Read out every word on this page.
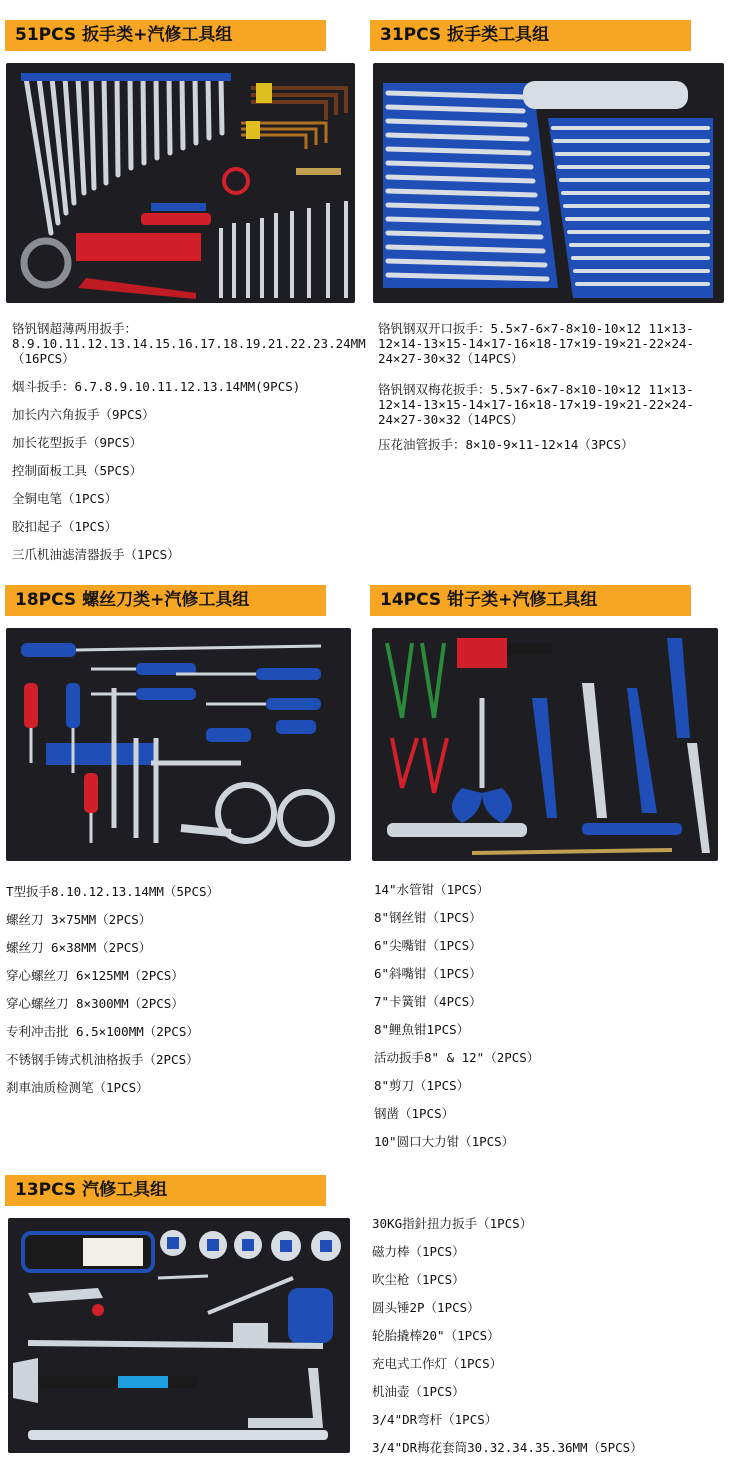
51PCS 扳手类+汽修工具组
铬钒钢超薄两用扳手：8.9.10.11.12.13.14.15.16.17.18.19.21.22.23.24MM（16PCS）
烟斗扳手：6.7.8.9.10.11.12.13.14MM(9PCS)
加长内六角扳手（9PCS）
加长花型扳手（9PCS）
控制面板工具（5PCS）
全铜电笔（1PCS）
胶扣起子（1PCS）
三爪机油滤清器扳手（1PCS）
31PCS 扳手类工具组
铬钒钢双开口扳手：5.5×7-6×7-8×10-10×12 11×13-12×14-13×15-14×17-16×18-17×19-19×21-22×24-24×27-30×32（14PCS）
铬钒钢双梅花扳手：5.5×7-6×7-8×10-10×12 11×13-12×14-13×15-14×17-16×18-17×19-19×21-22×24-24×27-30×32（14PCS）
压花油管扳手：8×10-9×11-12×14（3PCS）
18PCS 螺丝刀类+汽修工具组
T型扳手8.10.12.13.14MM（5PCS）
螺丝刀 3×75MM（2PCS）
螺丝刀 6×38MM（2PCS）
穿心螺丝刀 6×125MM（2PCS）
穿心螺丝刀 8×300MM（2PCS）
专利冲击批 6.5×100MM（2PCS）
不锈钢手铸式机油格扳手（2PCS）
刹車油质检测笔（1PCS）
14PCS 钳子类+汽修工具组
14"水管钳（1PCS）
8"钢丝钳（1PCS）
6"尖嘴钳（1PCS）
6"斜嘴钳（1PCS）
7"卡簧钳（4PCS）
8"鲤魚钳1PCS）
活动扳手8" & 12"（2PCS）
8"剪刀（1PCS）
钢凿（1PCS）
10"圆口大力钳（1PCS）
13PCS 汽修工具组
30KG指針扭力扳手（1PCS）
磁力棒（1PCS）
吹尘枪（1PCS）
圆头锤2P（1PCS）
轮胎撬棒20"（1PCS）
充电式工作灯（1PCS）
机油壶（1PCS）
3/4"DR弯杆（1PCS）
3/4"DR梅花套筒30.32.34.35.36MM（5PCS）
